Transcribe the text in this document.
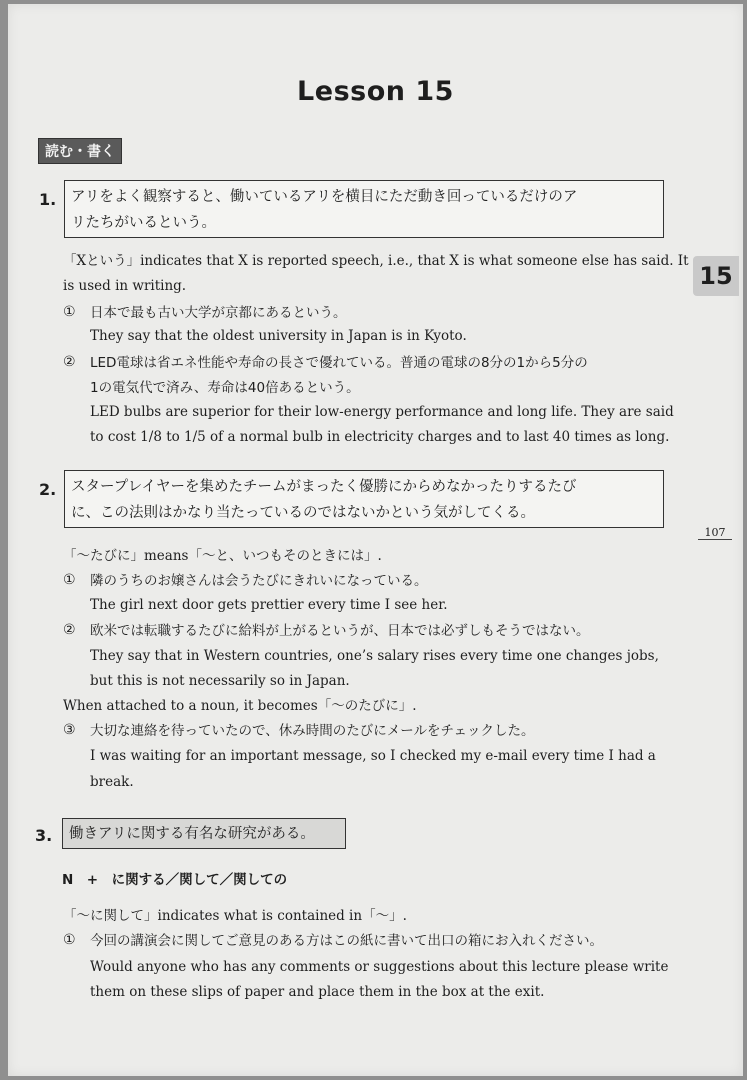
Lesson 15
読む・書く
15
107
1. アリをよく観察すると、働いているアリを横目にただ動き回っているだけのア
リたちがいるという。
「Xという」indicates that X is reported speech, i.e., that X is what someone else has said. It
is used in writing.
① 日本で最も古い大学が京都にあるという。
They say that the oldest university in Japan is in Kyoto.
② LED電球は省エネ性能や寿命の長さで優れている。普通の電球の8分の1から5分の
1の電気代で済み、寿命は40倍あるという。
LED bulbs are superior for their low-energy performance and long life. They are said
to cost 1/8 to 1/5 of a normal bulb in electricity charges and to last 40 times as long.
2. スタープレイヤーを集めたチームがまったく優勝にからめなかったりするたび
に、この法則はかなり当たっているのではないかという気がしてくる。
「〜たびに」means「〜と、いつもそのときには」.
① 隣のうちのお嬢さんは会うたびにきれいになっている。
The girl next door gets prettier every time I see her.
② 欧米では転職するたびに給料が上がるというが、日本では必ずしもそうではない。
They say that in Western countries, one’s salary rises every time one changes jobs,
but this is not necessarily so in Japan.
When attached to a noun, it becomes「〜のたびに」.
③ 大切な連絡を待っていたので、休み時間のたびにメールをチェックした。
I was waiting for an important message, so I checked my e-mail every time I had a
break.
3. 働きアリに関する有名な研究がある。
N　+　に関する／関して／関しての
「〜に関して」indicates what is contained in「〜」.
① 今回の講演会に関してご意見のある方はこの紙に書いて出口の箱にお入れください。
Would anyone who has any comments or suggestions about this lecture please write
them on these slips of paper and place them in the box at the exit.
